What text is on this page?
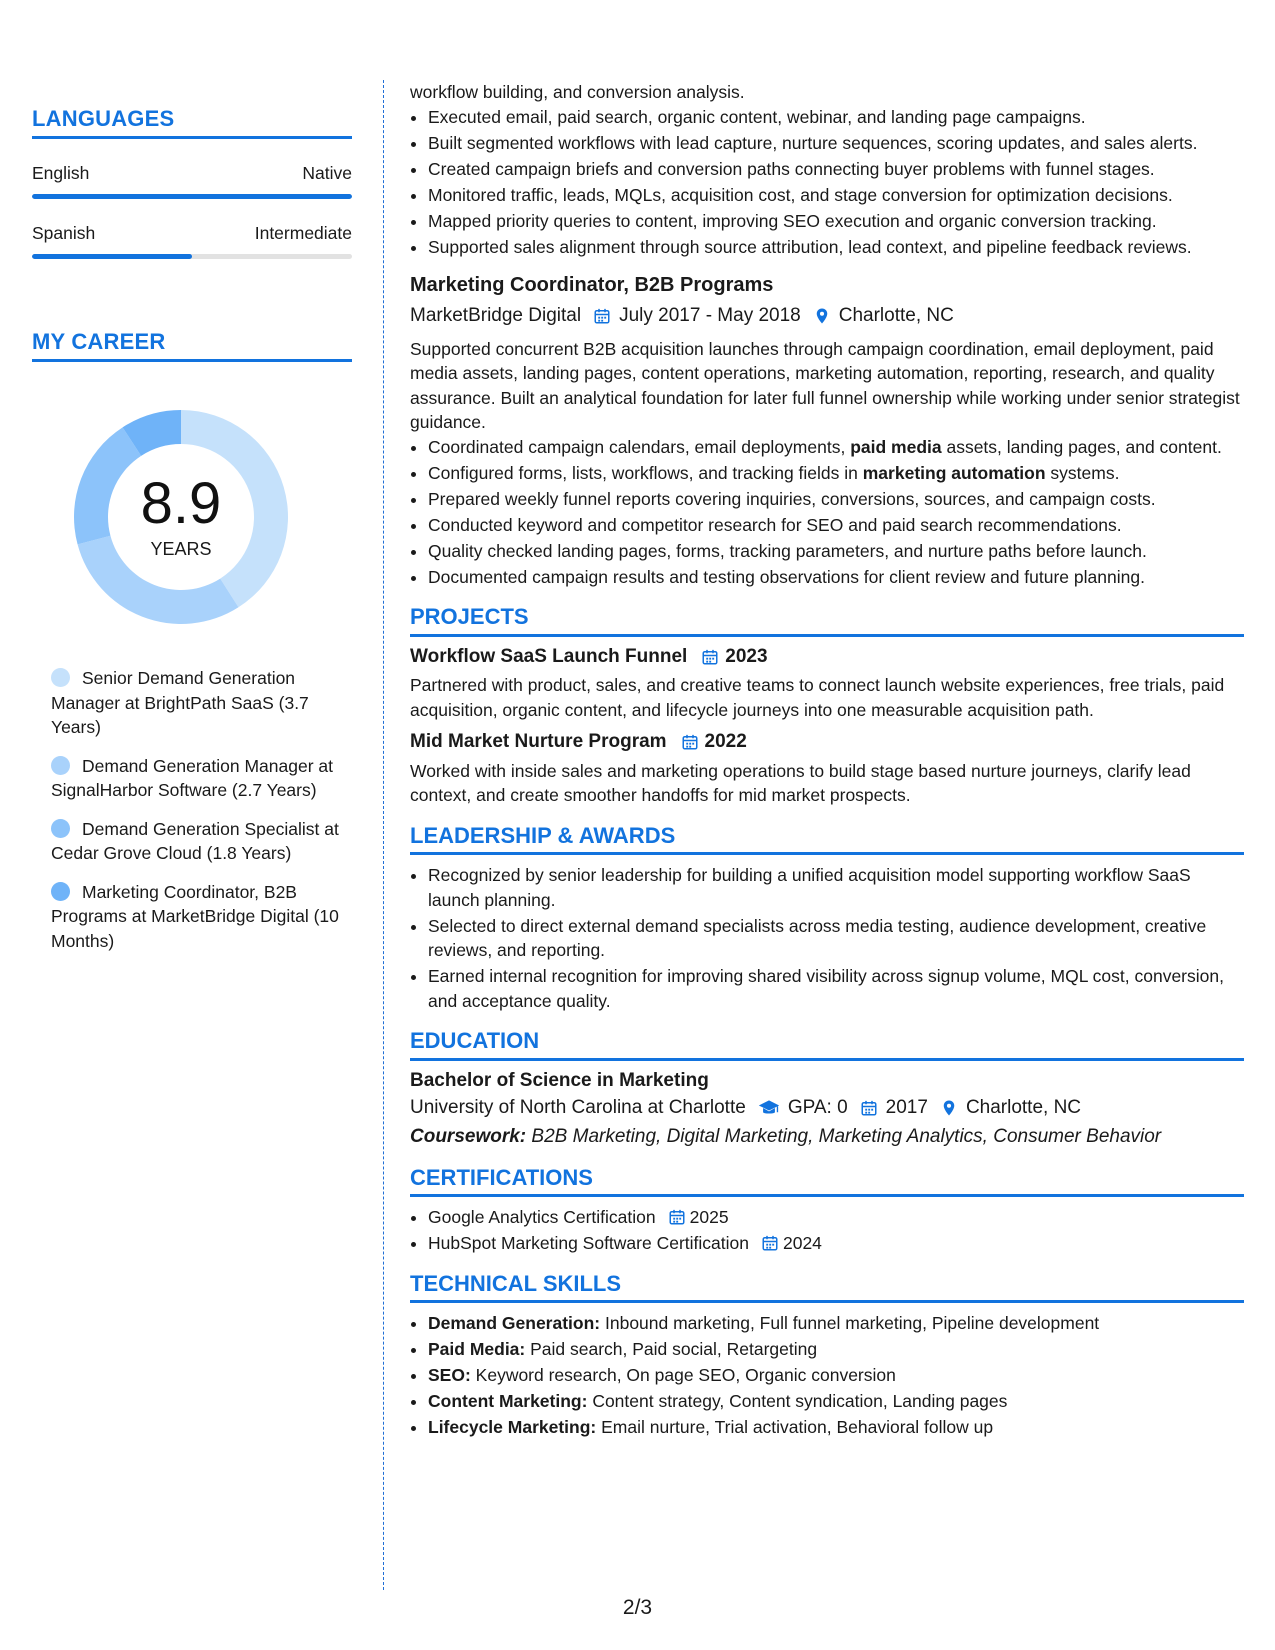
LANGUAGES
English	Native
Spanish	Intermediate
MY CAREER
8.9
YEARS
Senior Demand Generation Manager at BrightPath SaaS (3.7 Years)
Demand Generation Manager at SignalHarbor Software (2.7 Years)
Demand Generation Specialist at Cedar Grove Cloud (1.8 Years)
Marketing Coordinator, B2B Programs at MarketBridge Digital (10 Months)
workflow building, and conversion analysis.
• Executed email, paid search, organic content, webinar, and landing page campaigns.
• Built segmented workflows with lead capture, nurture sequences, scoring updates, and sales alerts.
• Created campaign briefs and conversion paths connecting buyer problems with funnel stages.
• Monitored traffic, leads, MQLs, acquisition cost, and stage conversion for optimization decisions.
• Mapped priority queries to content, improving SEO execution and organic conversion tracking.
• Supported sales alignment through source attribution, lead context, and pipeline feedback reviews.
Marketing Coordinator, B2B Programs
MarketBridge Digital July 2017 - May 2018 Charlotte, NC
Supported concurrent B2B acquisition launches through campaign coordination, email deployment, paid media assets, landing pages, content operations, marketing automation, reporting, research, and quality assurance. Built an analytical foundation for later full funnel ownership while working under senior strategist guidance.
• Coordinated campaign calendars, email deployments, paid media assets, landing pages, and content.
• Configured forms, lists, workflows, and tracking fields in marketing automation systems.
• Prepared weekly funnel reports covering inquiries, conversions, sources, and campaign costs.
• Conducted keyword and competitor research for SEO and paid search recommendations.
• Quality checked landing pages, forms, tracking parameters, and nurture paths before launch.
• Documented campaign results and testing observations for client review and future planning.
PROJECTS
Workflow SaaS Launch Funnel 2023
Partnered with product, sales, and creative teams to connect launch website experiences, free trials, paid acquisition, organic content, and lifecycle journeys into one measurable acquisition path.
Mid Market Nurture Program 2022
Worked with inside sales and marketing operations to build stage based nurture journeys, clarify lead context, and create smoother handoffs for mid market prospects.
LEADERSHIP & AWARDS
• Recognized by senior leadership for building a unified acquisition model supporting workflow SaaS launch planning.
• Selected to direct external demand specialists across media testing, audience development, creative reviews, and reporting.
• Earned internal recognition for improving shared visibility across signup volume, MQL cost, conversion, and acceptance quality.
EDUCATION
Bachelor of Science in Marketing
University of North Carolina at Charlotte GPA: 0 2017 Charlotte, NC
Coursework: B2B Marketing, Digital Marketing, Marketing Analytics, Consumer Behavior
CERTIFICATIONS
• Google Analytics Certification 2025
• HubSpot Marketing Software Certification 2024
TECHNICAL SKILLS
• Demand Generation: Inbound marketing, Full funnel marketing, Pipeline development
• Paid Media: Paid search, Paid social, Retargeting
• SEO: Keyword research, On page SEO, Organic conversion
• Content Marketing: Content strategy, Content syndication, Landing pages
• Lifecycle Marketing: Email nurture, Trial activation, Behavioral follow up
2/3
